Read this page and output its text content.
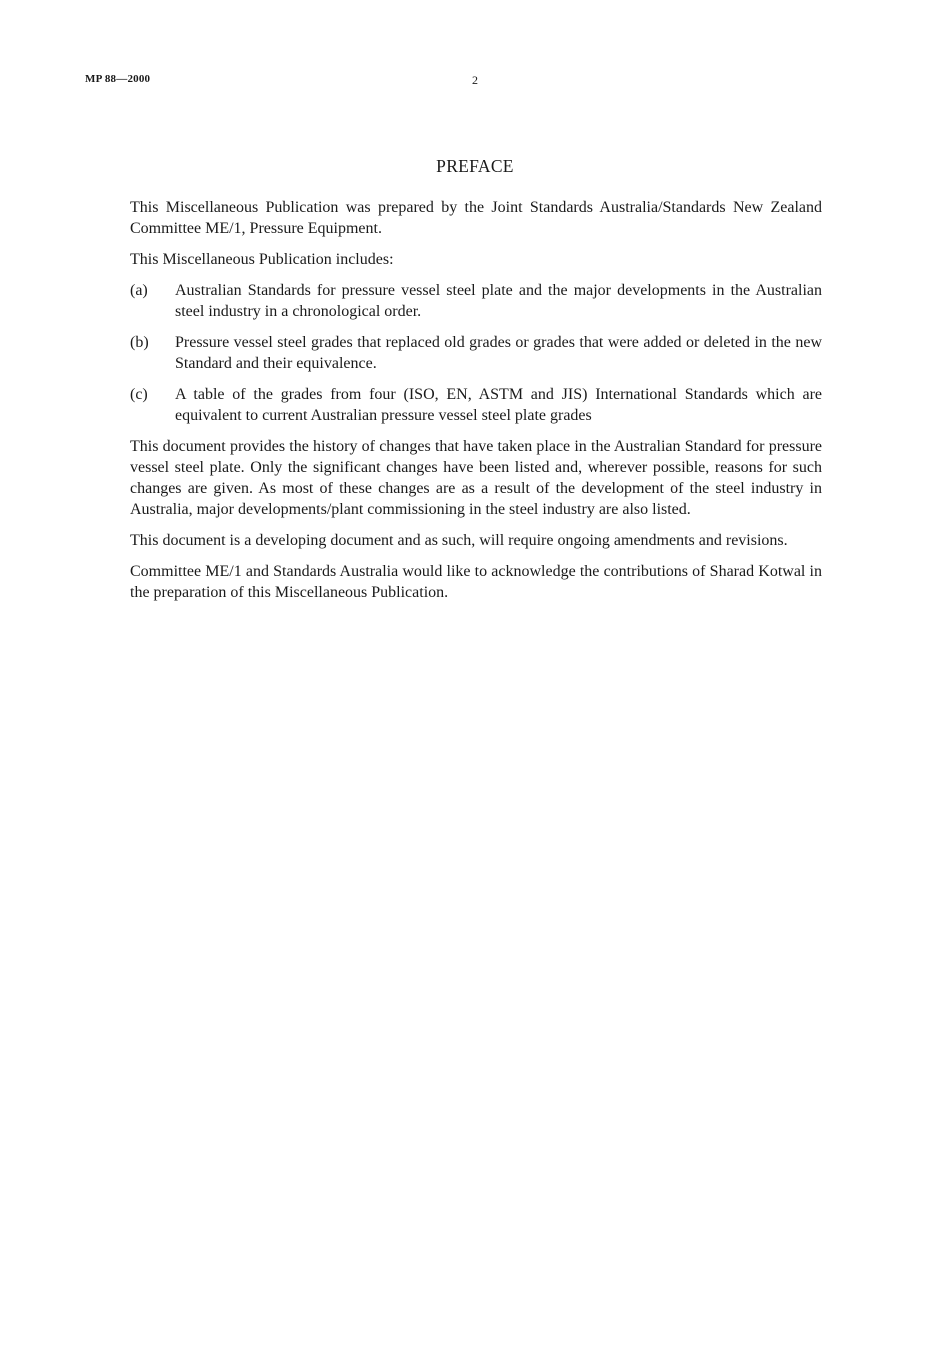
MP 88—2000	2
PREFACE

This Miscellaneous Publication was prepared by the Joint Standards Australia/Standards New Zealand Committee ME/1, Pressure Equipment.

This Miscellaneous Publication includes:

(a)	Australian Standards for pressure vessel steel plate and the major developments in the Australian steel industry in a chronological order.
(b)	Pressure vessel steel grades that replaced old grades or grades that were added or deleted in the new Standard and their equivalence.
(c)	A table of the grades from four (ISO, EN, ASTM and JIS) International Standards which are equivalent to current Australian pressure vessel steel plate grades

This document provides the history of changes that have taken place in the Australian Standard for pressure vessel steel plate. Only the significant changes have been listed and, wherever possible, reasons for such changes are given. As most of these changes are as a result of the development of the steel industry in Australia, major developments/plant commissioning in the steel industry are also listed.

This document is a developing document and as such, will require ongoing amendments and revisions.

Committee ME/1 and Standards Australia would like to acknowledge the contributions of Sharad Kotwal in the preparation of this Miscellaneous Publication.
